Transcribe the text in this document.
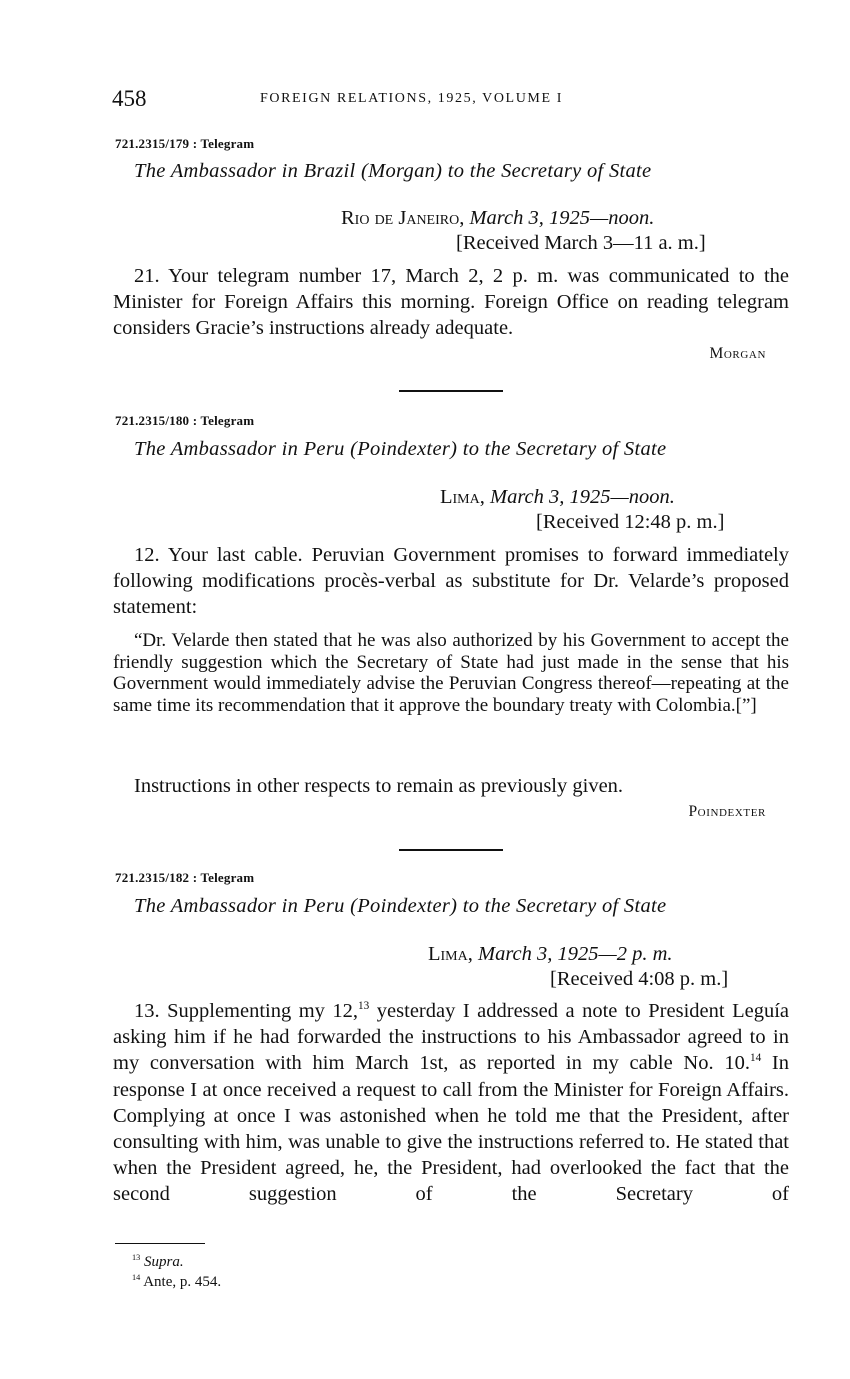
458	FOREIGN RELATIONS, 1925, VOLUME I
721.2315/179 : Telegram
The Ambassador in Brazil (Morgan) to the Secretary of State
Rio de Janeiro, March 3, 1925—noon.
[Received March 3—11 a. m.]

21. Your telegram number 17, March 2, 2 p. m. was communicated to the Minister for Foreign Affairs this morning. Foreign Office on reading telegram considers Gracie’s instructions already adequate.

Morgan
721.2315/180 : Telegram
The Ambassador in Peru (Poindexter) to the Secretary of State
Lima, March 3, 1925—noon.
[Received 12:48 p. m.]

12. Your last cable. Peruvian Government promises to forward immediately following modifications procès-verbal as substitute for Dr. Velarde’s proposed statement:

“Dr. Velarde then stated that he was also authorized by his Government to accept the friendly suggestion which the Secretary of State had just made in the sense that his Government would immediately advise the Peruvian Congress thereof—repeating at the same time its recommendation that it approve the boundary treaty with Colombia.[”]

Instructions in other respects to remain as previously given.
Poindexter
721.2315/182 : Telegram
The Ambassador in Peru (Poindexter) to the Secretary of State
Lima, March 3, 1925—2 p. m.
[Received 4:08 p. m.]

13. Supplementing my 12,13 yesterday I addressed a note to President Leguía asking him if he had forwarded the instructions to his Ambassador agreed to in my conversation with him March 1st, as reported in my cable No. 10.14 In response I at once received a request to call from the Minister for Foreign Affairs. Complying at once I was astonished when he told me that the President, after consulting with him, was unable to give the instructions referred to. He stated that when the President agreed, he, the President, had overlooked the fact that the second suggestion of the Secretary of

$^{13}$ Supra.
$^{14}$ Ante, p. 454.
